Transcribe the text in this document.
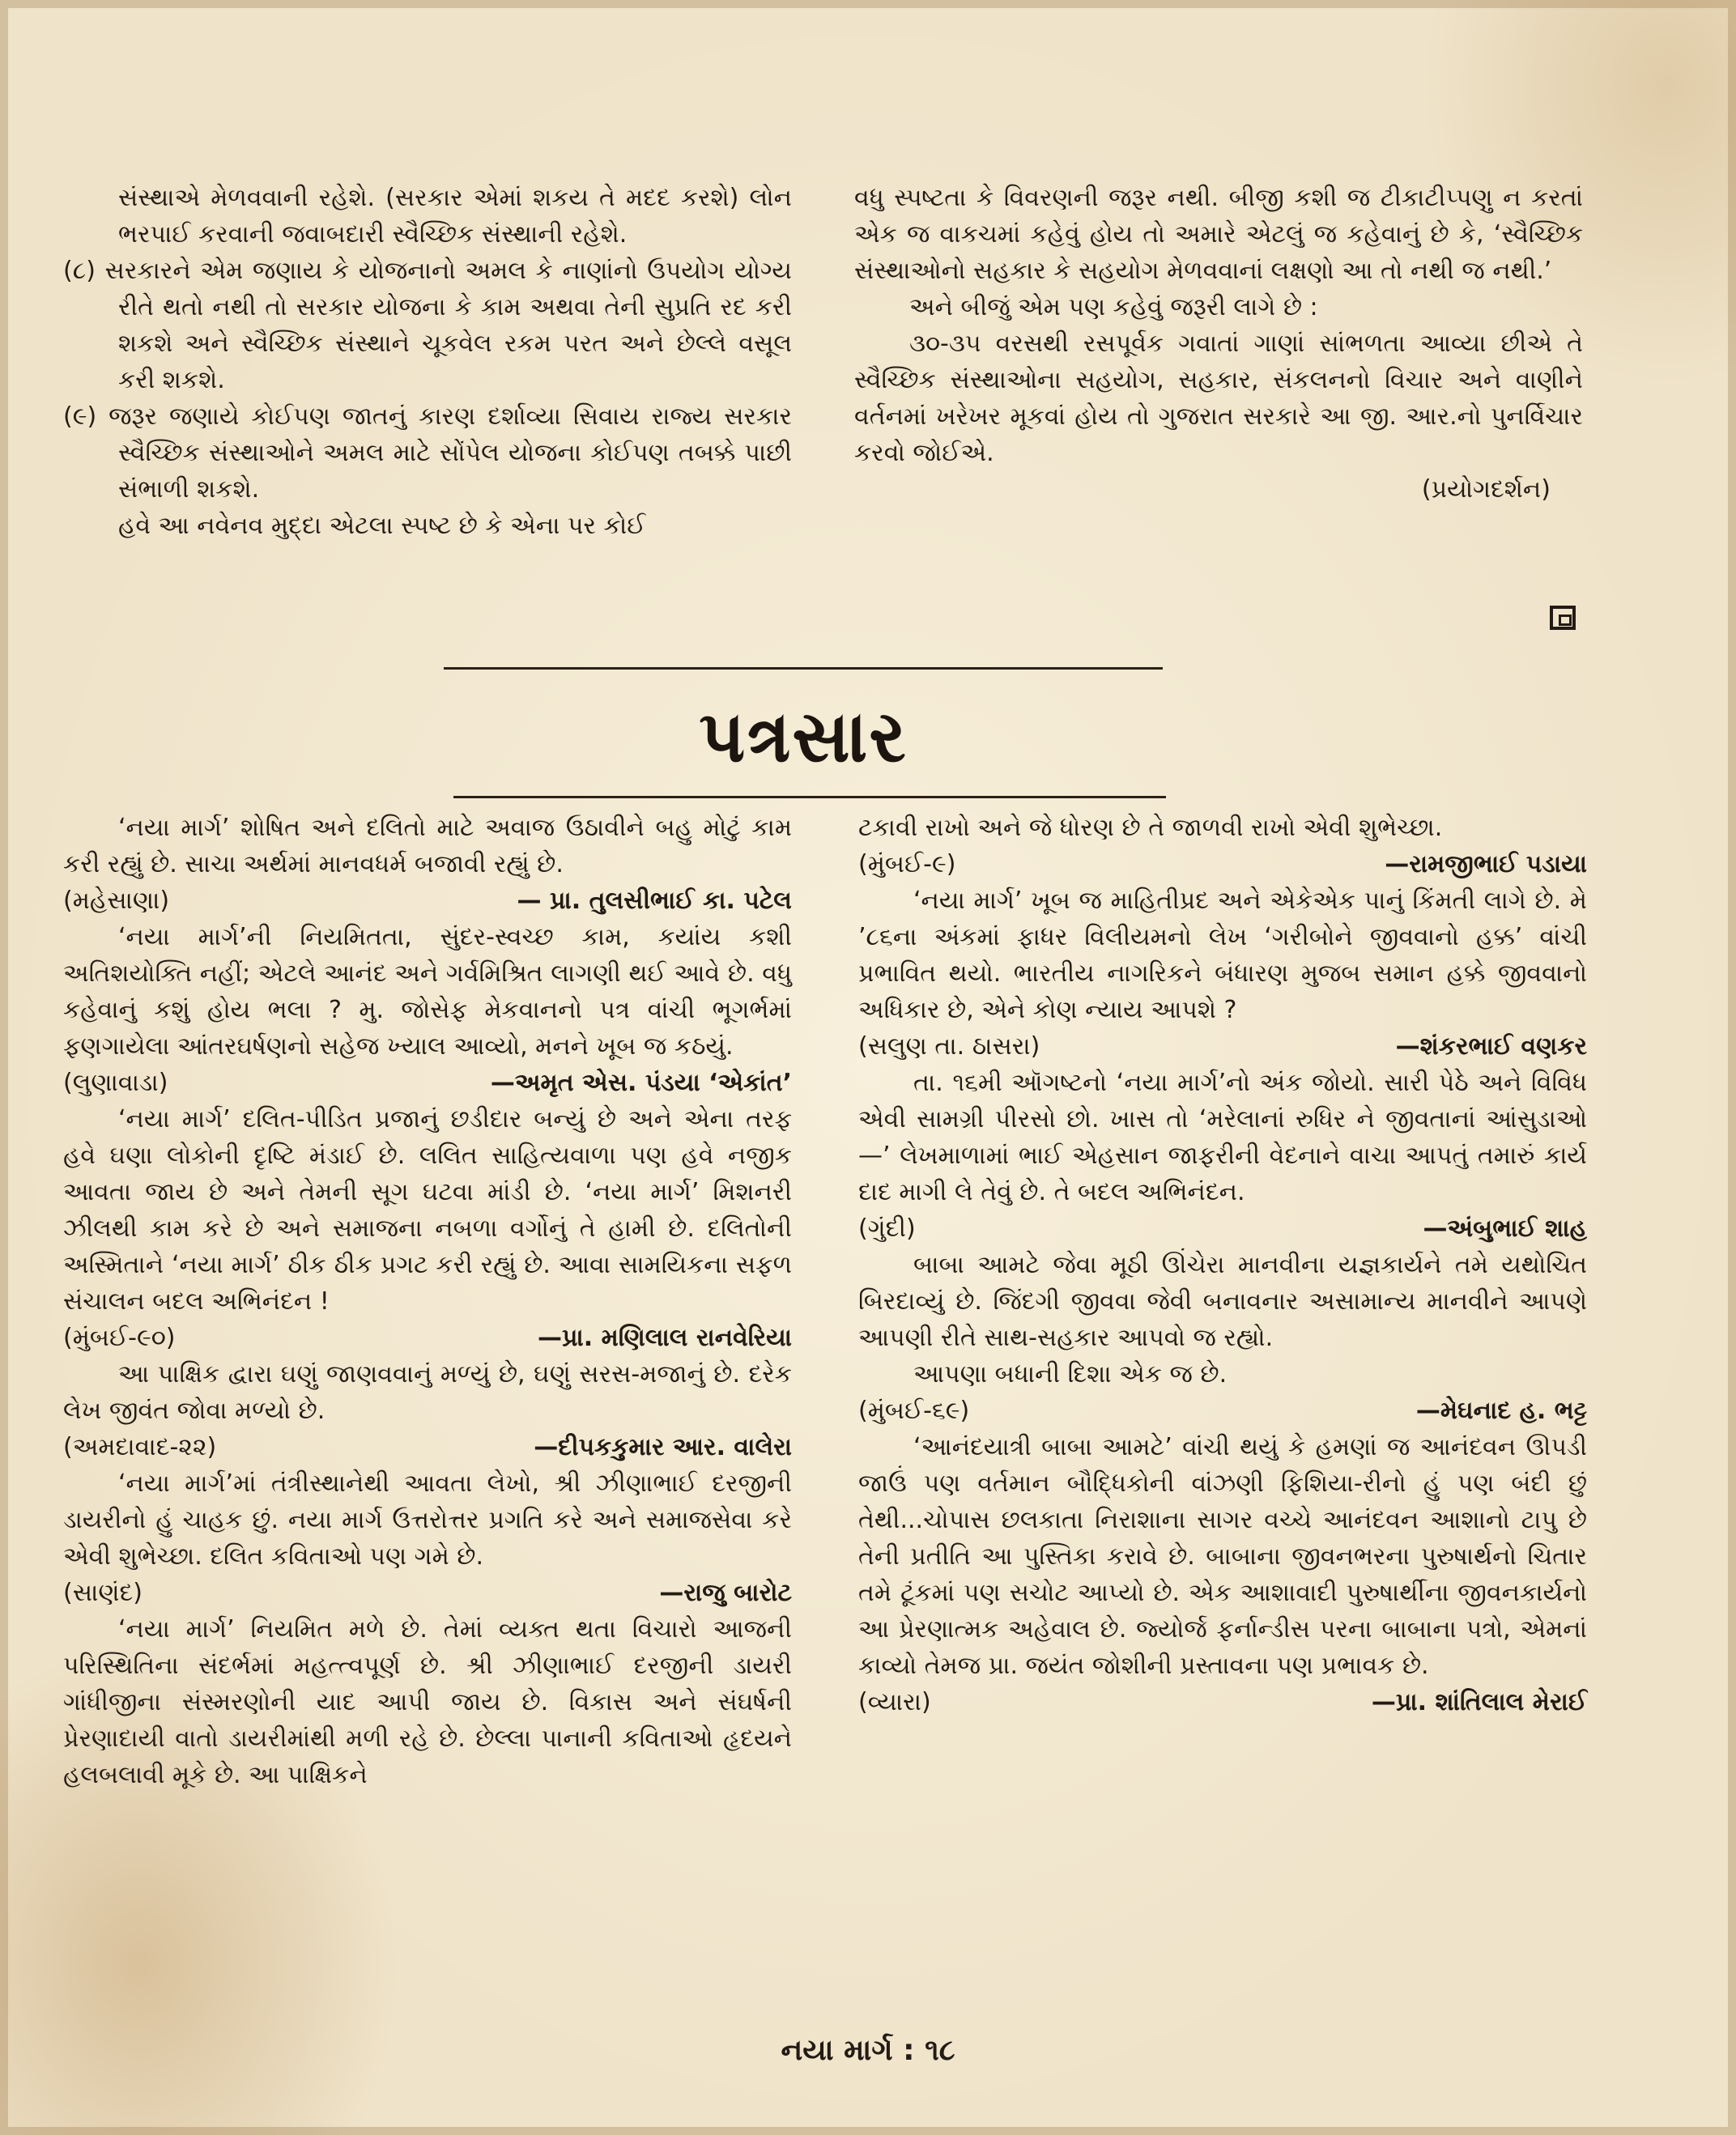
સંસ્થાએ મેળવવાની રહેશે. (સરકાર એમાં શકય તે મદદ કરશે) લોન ભરપાઈ કરવાની જવાબદારી સ્વૈચ્છિક સંસ્થાની રહેશે.

(૮) સરકારને એમ જણાય કે યોજનાનો અમલ કે નાણાંનો ઉપયોગ યોગ્ય રીતે થતો નથી તો સરકાર યોજના કે કામ અથવા તેની સુપ્રતિ રદ કરી શકશે અને સ્વૈચ્છિક સંસ્થાને ચૂકવેલ રકમ પરત અને છેલ્લે વસૂલ કરી શકશે.

(૯) જરૂર જણાયે કોઈપણ જાતનું કારણ દર્શાવ્યા સિવાય રાજ્ય સરકાર સ્વૈચ્છિક સંસ્થાઓને અમલ માટે સોંપેલ યોજના કોઈપણ તબક્કે પાછી સંભાળી શકશે.

હવે આ નવેનવ મુદ્દા એટલા સ્પષ્ટ છે કે એના પર કોઈ

વધુ સ્પષ્ટતા કે વિવરણની જરૂર નથી. બીજી કશી જ ટીકાટીપ્પણુ ન કરતાં એક જ વાકચમાં કહેવું હોય તો અમારે એટલું જ કહેવાનું છે કે, ‘સ્વૈચ્છિક સંસ્થાઓનો સહકાર કે સહયોગ મેળવવાનાં લક્ષણો આ તો નથી જ નથી.’

અને બીજું એમ પણ કહેવું જરૂરી લાગે છે :

૩૦-૩૫ વરસથી રસપૂર્વક ગવાતાં ગાણાં સાંભળતા આવ્યા છીએ તે સ્વૈચ્છિક સંસ્થાઓના સહયોગ, સહકાર, સંકલનનો વિચાર અને વાણીને વર્તનમાં ખરેખર મૂકવાં હોય તો ગુજરાત સરકારે આ જી. આર.નો પુનર્વિચાર કરવો જોઈએ.

(પ્રયોગદર્શન)

પત્રસાર

‘નયા માર્ગ’ શોષિત અને દલિતો માટે અવાજ ઉઠાવીને બહુ મોટું કામ કરી રહ્યું છે. સાચા અર્થમાં માનવધર્મ બજાવી રહ્યું છે.

(મહેસાણા)	— પ્રા. તુલસીભાઈ કા. પટેલ

‘નયા માર્ગ’ની નિયમિતતા, સુંદર-સ્વચ્છ કામ, કયાંય કશી અતિશયોક્તિ નહીં; એટલે આનંદ અને ગર્વમિશ્રિત લાગણી થઈ આવે છે. વધુ કહેવાનું કશું હોય ભલા ? મુ. જોસેફ મેકવાનનો પત્ર વાંચી ભૂગર્ભમાં ફણગાયેલા આંતરઘર્ષણનો સહેજ ખ્યાલ આવ્યો, મનને ખૂબ જ કઠયું.

(લુણાવાડા)	—અમૃત એસ. પંડયા ‘એકાંત’

‘નયા માર્ગ’ દલિત-પીડિત પ્રજાનું છડીદાર બન્યું છે અને એના તરફ હવે ઘણા લોકોની દૃષ્ટિ મંડાઈ છે. લલિત સાહિત્યવાળા પણ હવે નજીક આવતા જાય છે અને તેમની સૂગ ઘટવા માંડી છે. ‘નયા માર્ગ’ મિશનરી ઝીલથી કામ કરે છે અને સમાજના નબળા વર્ગોનું તે હામી છે. દલિતોની અસ્મિતાને ‘નયા માર્ગ’ ઠીક ઠીક પ્રગટ કરી રહ્યું છે. આવા સામયિકના સફળ સંચાલન બદલ અભિનંદન !

(મુંબઈ-૯૦)	—પ્રા. મણિલાલ રાનવેરિયા

આ પાક્ષિક દ્વારા ઘણું જાણવવાનું મળ્યું છે, ઘણું સરસ-મજાનું છે. દરેક લેખ જીવંત જોવા મળ્યો છે.

(અમદાવાદ-૨૨)	—દીપકકુમાર આર. વાલેરા

‘નયા માર્ગ’માં તંત્રીસ્થાનેથી આવતા લેખો, શ્રી ઝીણાભાઈ દરજીની ડાયરીનો હું ચાહક છું. નયા માર્ગ ઉત્તરોત્તર પ્રગતિ કરે અને સમાજસેવા કરે એવી શુભેચ્છા. દલિત કવિતાઓ પણ ગમે છે.

(સાણંદ)	—રાજુ બારોટ

‘નયા માર્ગ’ નિયમિત મળે છે. તેમાં વ્યક્ત થતા વિચારો આજની પરિસ્થિતિના સંદર્ભમાં મહત્ત્વપૂર્ણ છે. શ્રી ઝીણાભાઈ દરજીની ડાયરી ગાંધીજીના સંસ્મરણોની યાદ આપી જાય છે. વિકાસ અને સંઘર્ષની પ્રેરણાદાયી વાતો ડાયરીમાંથી મળી રહે છે. છેલ્લા પાનાની કવિતાઓ હૃદયને હલબલાવી મૂકે છે. આ પાક્ષિકને

ટકાવી રાખો અને જે ધોરણ છે તે જાળવી રાખો એવી શુભેચ્છા.

(મુંબઈ-૯)	—રામજીભાઈ પડાયા

‘નયા માર્ગ’ ખૂબ જ માહિતીપ્રદ અને એકેએક પાનું કિંમતી લાગે છે. મે ’૮૬ના અંકમાં ફાધર વિલીયમનો લેખ ‘ગરીબોને જીવવાનો હક્ક’ વાંચી પ્રભાવિત થયો. ભારતીય નાગરિકને બંધારણ મુજબ સમાન હક્કે જીવવાનો અધિકાર છે, એને કોણ ન્યાય આપશે ?

(સલુણ તા. ઠાસરા)	—શંકરભાઈ વણકર

તા. ૧૬મી ઑગષ્ટનો ‘નયા માર્ગ’નો અંક જોયો. સારી પેઠે અને વિવિધ એવી સામગ્રી પીરસો છો. ખાસ તો ‘મરેલાનાં રુધિર ને જીવતાનાં આંસુડાઓ—’ લેખમાળામાં ભાઈ એહસાન જાફરીની વેદનાને વાચા આપતું તમારું કાર્ય દાદ માગી લે તેવું છે. તે બદલ અભિનંદન.

(ગુંદી)	—અંબુભાઈ શાહ

બાબા આમટે જેવા મૂઠી ઊંચેરા માનવીના યજ્ઞકાર્યને તમે યથોચિત બિરદાવ્યું છે. જિંદગી જીવવા જેવી બનાવનાર અસામાન્ય માનવીને આપણે આપણી રીતે સાથ-સહકાર આપવો જ રહ્યો.

આપણા બધાની દિશા એક જ છે.

(મુંબઈ-૬૯)	—મેઘનાદ હ. ભટ્ટ

‘આનંદયાત્રી બાબા આમટે’ વાંચી થયું કે હમણાં જ આનંદવન ઊપડી જાઉં પણ વર્તમાન બૌદ્ધિકોની વાંઝણી ફિશિયા-રીનો હું પણ બંદી છું તેથી...ચોપાસ છલકાતા નિરાશાના સાગર વચ્ચે આનંદવન આશાનો ટાપુ છે તેની પ્રતીતિ આ પુસ્તિકા કરાવે છે. બાબાના જીવનભરના પુરુષાર્થનો ચિતાર તમે ટૂંકમાં પણ સચોટ આપ્યો છે. એક આશાવાદી પુરુષાર્થીના જીવનકાર્યનો આ પ્રેરણાત્મક અહેવાલ છે. જ્યોર્જ ફર્નાન્ડીસ પરના બાબાના પત્રો, એમનાં કાવ્યો તેમજ પ્રા. જયંત જોશીની પ્રસ્તાવના પણ પ્રભાવક છે.

(વ્યારા)	—પ્રા. શાંતિલાલ મેરાઈ
નયા માર્ગ : ૧૮
